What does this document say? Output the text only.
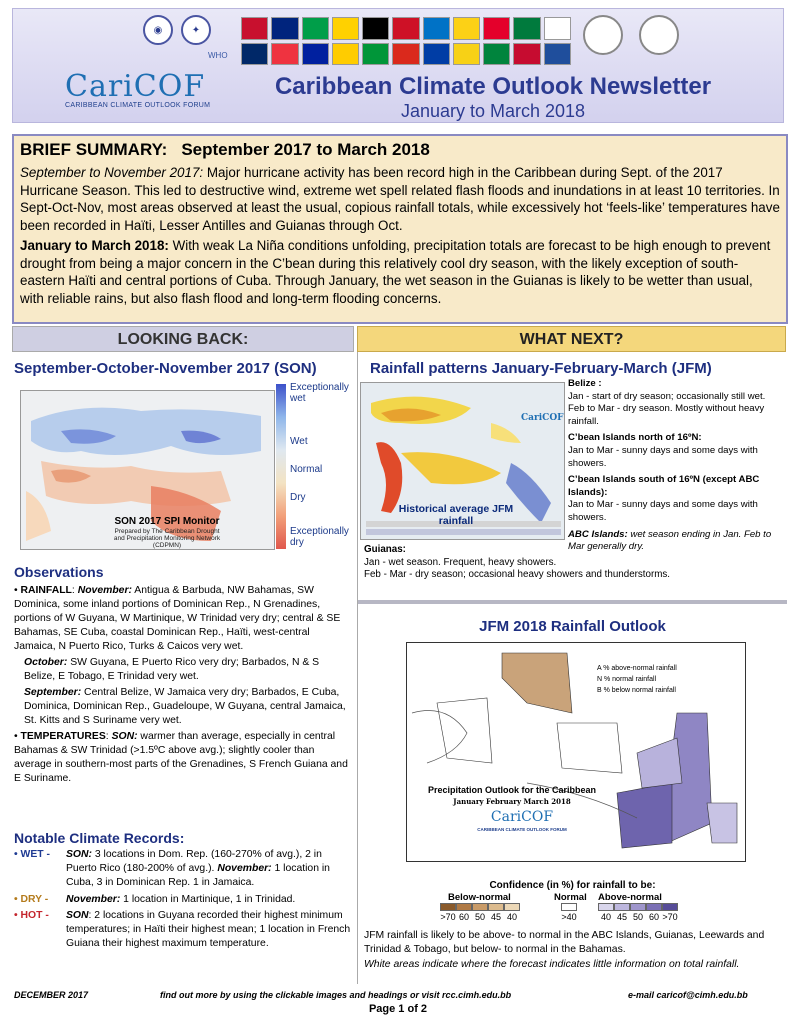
◉	✦
WHO
CariCOF
CARIBBEAN CLIMATE OUTLOOK FORUM
Caribbean Climate Outlook Newsletter
January to March 2018
BRIEF SUMMARY: September 2017 to March 2018

September to November 2017: Major hurricane activity has been record high in the Caribbean during Sept. of the 2017 Hurricane Season. This led to destructive wind, extreme wet spell related flash floods and inundations in at least 10 territories. In Sept-Oct-Nov, most areas observed at least the usual, copious rainfall totals, while excessively hot ‘feels-like’ temperatures have been recorded in Haïti, Lesser Antilles and Guianas through Oct.

January to March 2018: With weak La Niña conditions unfolding, precipitation totals are forecast to be high enough to prevent drought from being a major concern in the C’bean during this relatively cool dry season, with the likely exception of south-eastern Haïti and central portions of Cuba. Through January, the wet season in the Guianas is likely to be wetter than usual, with reliable rains, but also flash flood and long-term flooding concerns.

LOOKING BACK:	WHAT NEXT?
September-October-November 2017 (SON)
Exceptionally wet
Wet
Normal
Dry
Exceptionally dry
SON 2017 SPI Monitor
Prepared by The Caribbean Drought and Precipitation Monitoring Network (CDPMN)
Observations
• RAINFALL: November: Antigua & Barbuda, NW Bahamas, SW Dominica, some inland portions of Dominican Rep., N Grenadines, portions of W Guyana, W Martinique, W Trinidad very dry; central & SE Bahamas, SE Cuba, coastal Dominican Rep., Haïti, west-central Jamaica, N Puerto Rico, Turks & Caicos very wet.
October: SW Guyana, E Puerto Rico very dry; Barbados, N & S Belize, E Tobago, E Trinidad very wet.
September: Central Belize, W Jamaica very dry; Barbados, E Cuba, Dominica, Dominican Rep., Guadeloupe, W Guyana, central Jamaica, St. Kitts and S Suriname very wet.
• TEMPERATURES: SON: warmer than average, especially in central Bahamas & SW Trinidad (>1.5ºC above avg.); slightly cooler than average in southern-most parts of the Grenadines, S French Guiana and E Suriname.
Notable Climate Records:
• WET -	SON: 3 locations in Dom. Rep. (160-270% of avg.), 2 in Puerto Rico (180-200% of avg.). November: 1 location in Cuba, 3 in Dominican Rep. 1 in Jamaica.
• DRY -	November: 1 location in Martinique, 1 in Trinidad.
• HOT -	SON: 2 locations in Guyana recorded their highest minimum temperatures; in Haïti their highest mean; 1 location in French Guiana their highest maximum temperature.
Rainfall patterns January-February-March (JFM)
Historical average JFM rainfall
CariCOF

Belize :
Jan - start of dry season; occasionally still wet. Feb to Mar - dry season. Mostly without heavy rainfall.

C’bean Islands north of 16ºN:
Jan to Mar - sunny days and some days with showers.

C’bean Islands south of 16ºN (except ABC Islands):
Jan to Mar - sunny days and some days with showers.

ABC Islands: wet season ending in Jan. Feb to Mar generally dry.

Guianas:
Jan - wet season. Frequent, heavy showers.
Feb - Mar - dry season; occasional heavy showers and thunderstorms.
JFM 2018 Rainfall Outlook
A % above-normal rainfall
N % normal rainfall
B % below normal rainfall
Precipitation Outlook for the Caribbean
January February March 2018
CariCOF
CARIBBEAN CLIMATE OUTLOOK FORUM
Confidence (in %) for rainfall to be:
Below-normal	Normal Above-normal
>70 60 50 45 40	>40	40 45 50 60 >70
JFM rainfall is likely to be above- to normal in the ABC Islands, Guianas, Leewards and Trinidad & Tobago, but below- to normal in the Bahamas.
White areas indicate where the forecast indicates little information on total rainfall.
DECEMBER 2017	find out more by using the clickable images and headings or visit rcc.cimh.edu.bb	e-mail caricof@cimh.edu.bb
Page 1 of 2
